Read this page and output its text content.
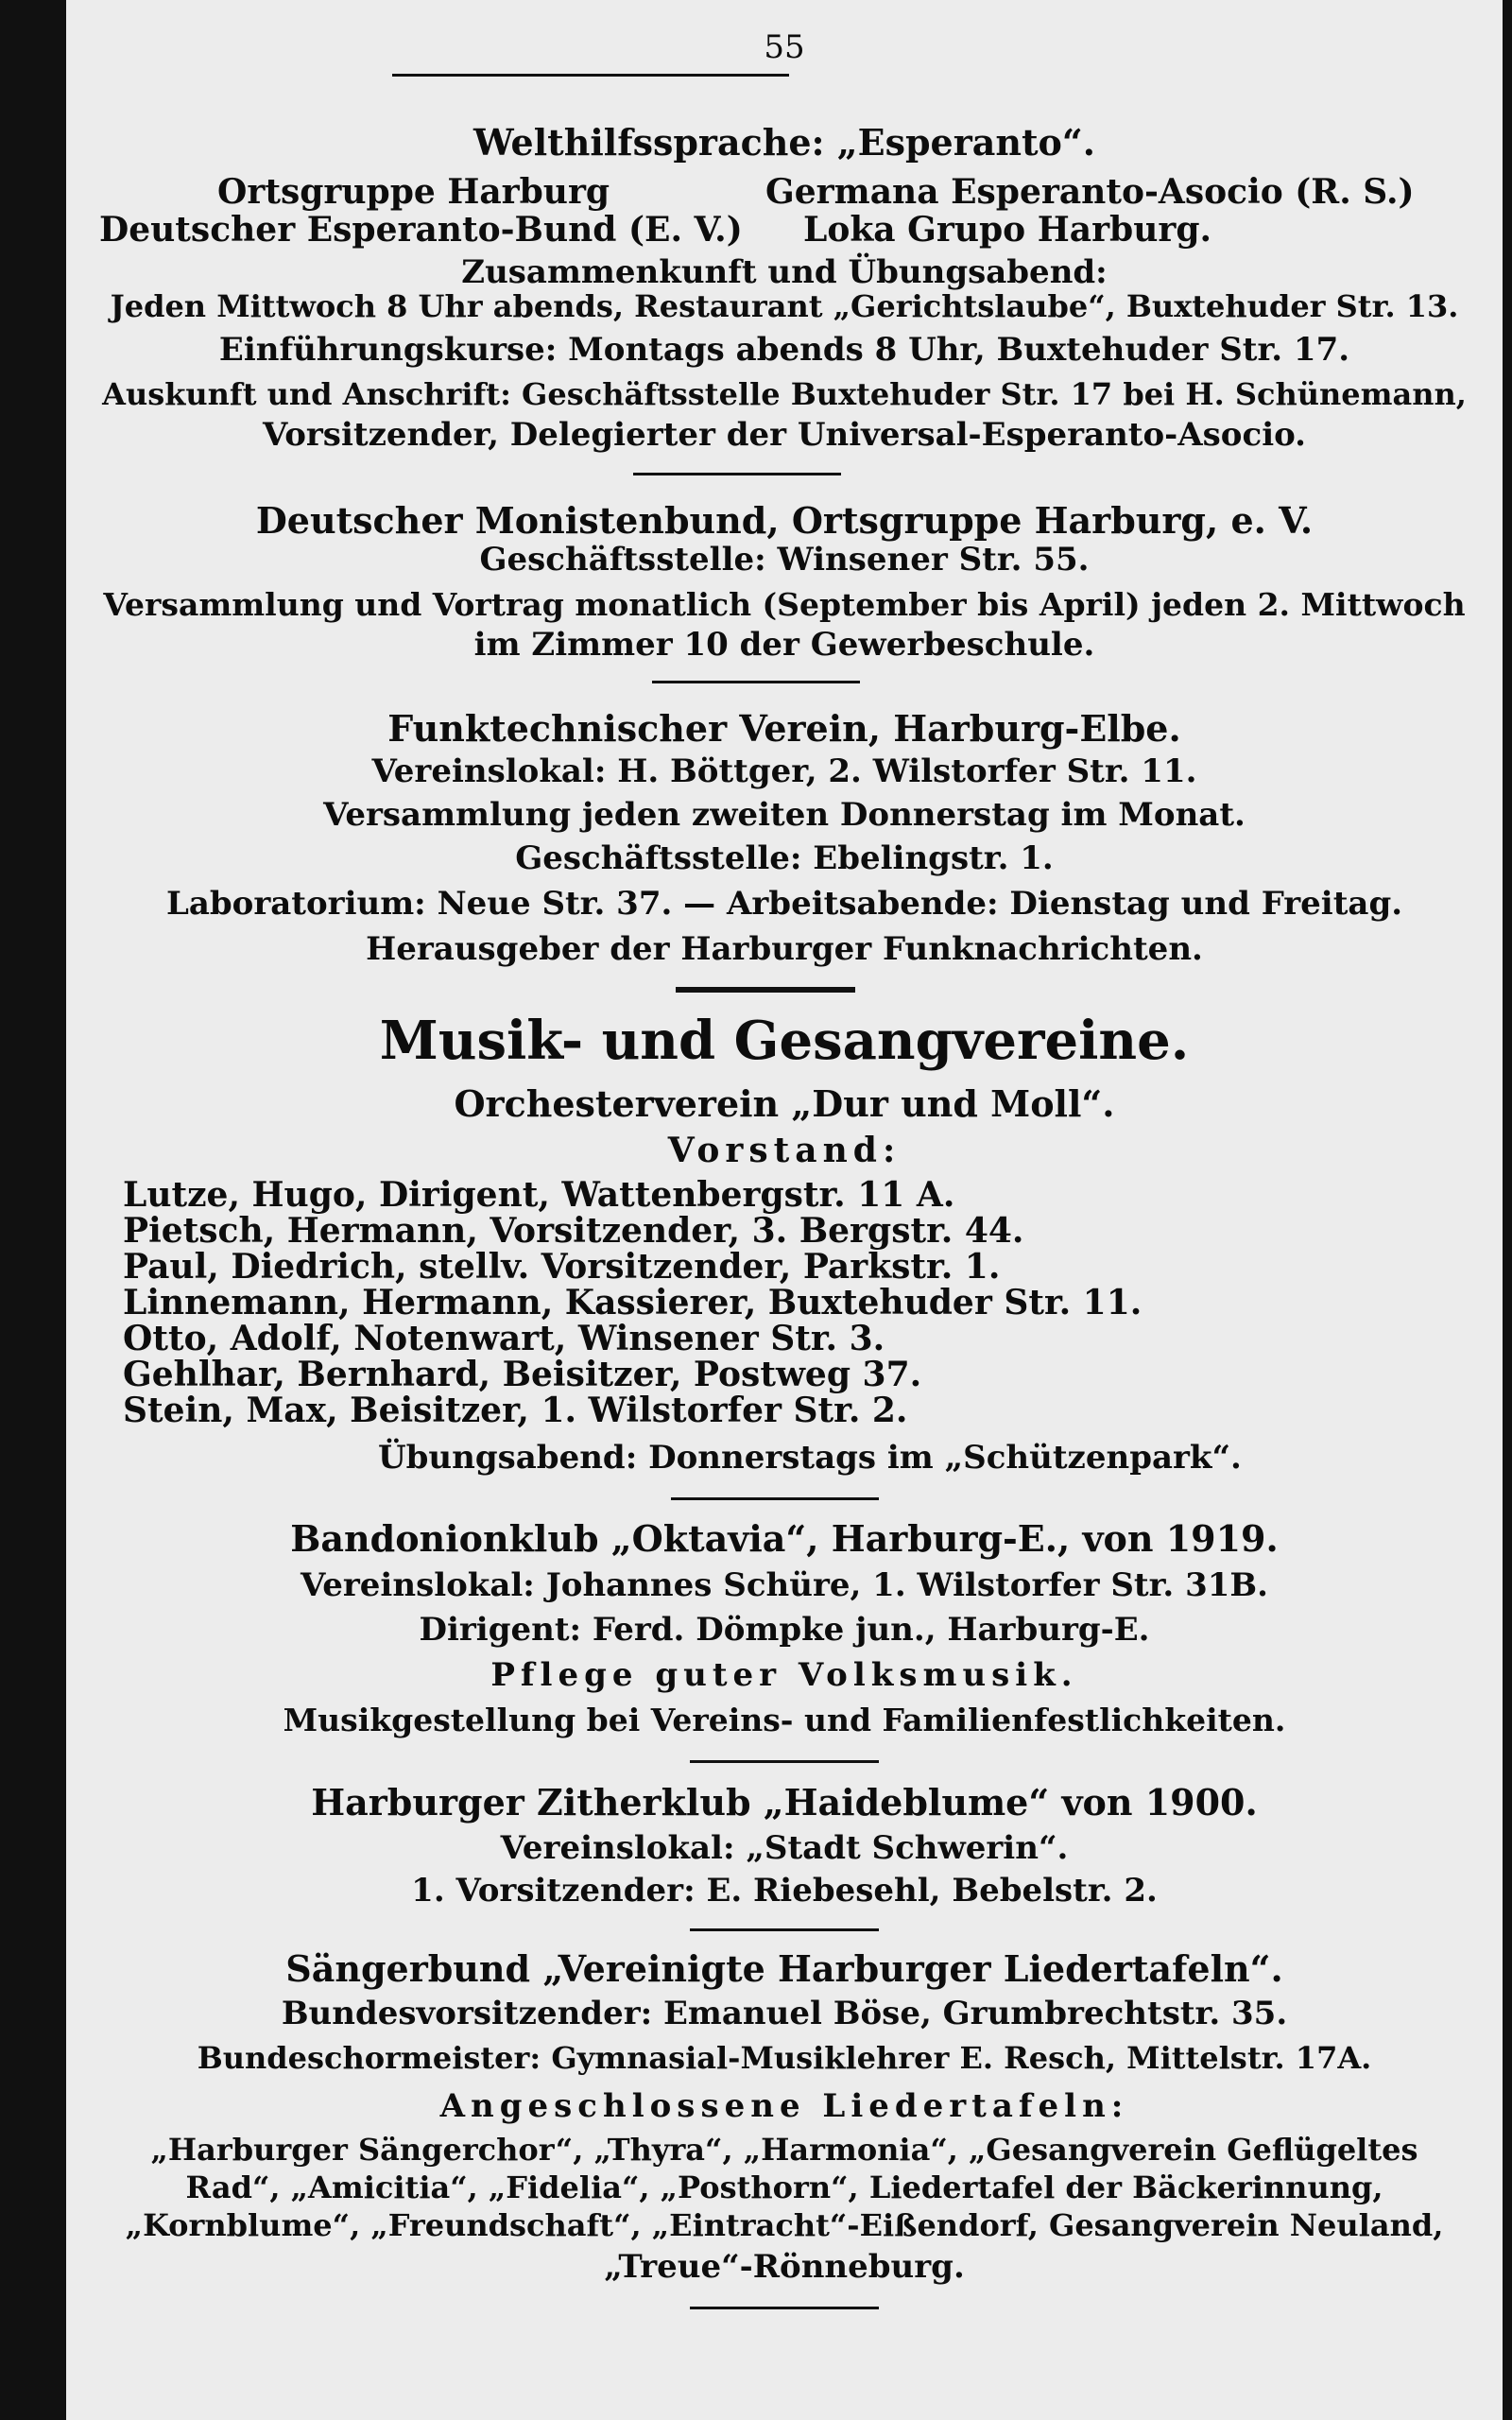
55
Welthilfssprache: „Esperanto“.
Ortsgruppe Harburg	Germana Esperanto-Asocio (R. S.)
Deutscher Esperanto-Bund (E. V.) Loka Grupo Harburg.
Zusammenkunft und Übungsabend:
Jeden Mittwoch 8 Uhr abends, Restaurant „Gerichtslaube“, Buxtehuder Str. 13.
Einführungskurse: Montags abends 8 Uhr, Buxtehuder Str. 17.
Auskunft und Anschrift: Geschäftsstelle Buxtehuder Str. 17 bei H. Schünemann,
Vorsitzender, Delegierter der Universal-Esperanto-Asocio.
Deutscher Monistenbund, Ortsgruppe Harburg, e. V.
Geschäftsstelle: Winsener Str. 55.
Versammlung und Vortrag monatlich (September bis April) jeden 2. Mittwoch
im Zimmer 10 der Gewerbeschule.
Funktechnischer Verein, Harburg-Elbe.
Vereinslokal: H. Böttger, 2. Wilstorfer Str. 11.
Versammlung jeden zweiten Donnerstag im Monat.
Geschäftsstelle: Ebelingstr. 1.
Laboratorium: Neue Str. 37. — Arbeitsabende: Dienstag und Freitag.
Herausgeber der Harburger Funknachrichten.
Musik- und Gesangvereine.
Orchesterverein „Dur und Moll“.
Vorstand:
Lutze, Hugo, Dirigent, Wattenbergstr. 11 A.
Pietsch, Hermann, Vorsitzender, 3. Bergstr. 44.
Paul, Diedrich, stellv. Vorsitzender, Parkstr. 1.
Linnemann, Hermann, Kassierer, Buxtehuder Str. 11.
Otto, Adolf, Notenwart, Winsener Str. 3.
Gehlhar, Bernhard, Beisitzer, Postweg 37.
Stein, Max, Beisitzer, 1. Wilstorfer Str. 2.
Übungsabend: Donnerstags im „Schützenpark“.
Bandonionklub „Oktavia“, Harburg-E., von 1919.
Vereinslokal: Johannes Schüre, 1. Wilstorfer Str. 31B.
Dirigent: Ferd. Dömpke jun., Harburg-E.
Pflege guter Volksmusik.
Musikgestellung bei Vereins- und Familienfestlichkeiten.
Harburger Zitherklub „Haideblume“ von 1900.
Vereinslokal: „Stadt Schwerin“.
1. Vorsitzender: E. Riebesehl, Bebelstr. 2.
Sängerbund „Vereinigte Harburger Liedertafeln“.
Bundesvorsitzender: Emanuel Böse, Grumbrechtstr. 35.
Bundeschormeister: Gymnasial-Musiklehrer E. Resch, Mittelstr. 17A.
Angeschlossene Liedertafeln:
„Harburger Sängerchor“, „Thyra“, „Harmonia“, „Gesangverein Geflügeltes
Rad“, „Amicitia“, „Fidelia“, „Posthorn“, Liedertafel der Bäckerinnung,
„Kornblume“, „Freundschaft“, „Eintracht“-Eißendorf, Gesangverein Neuland,
„Treue“-Rönneburg.
